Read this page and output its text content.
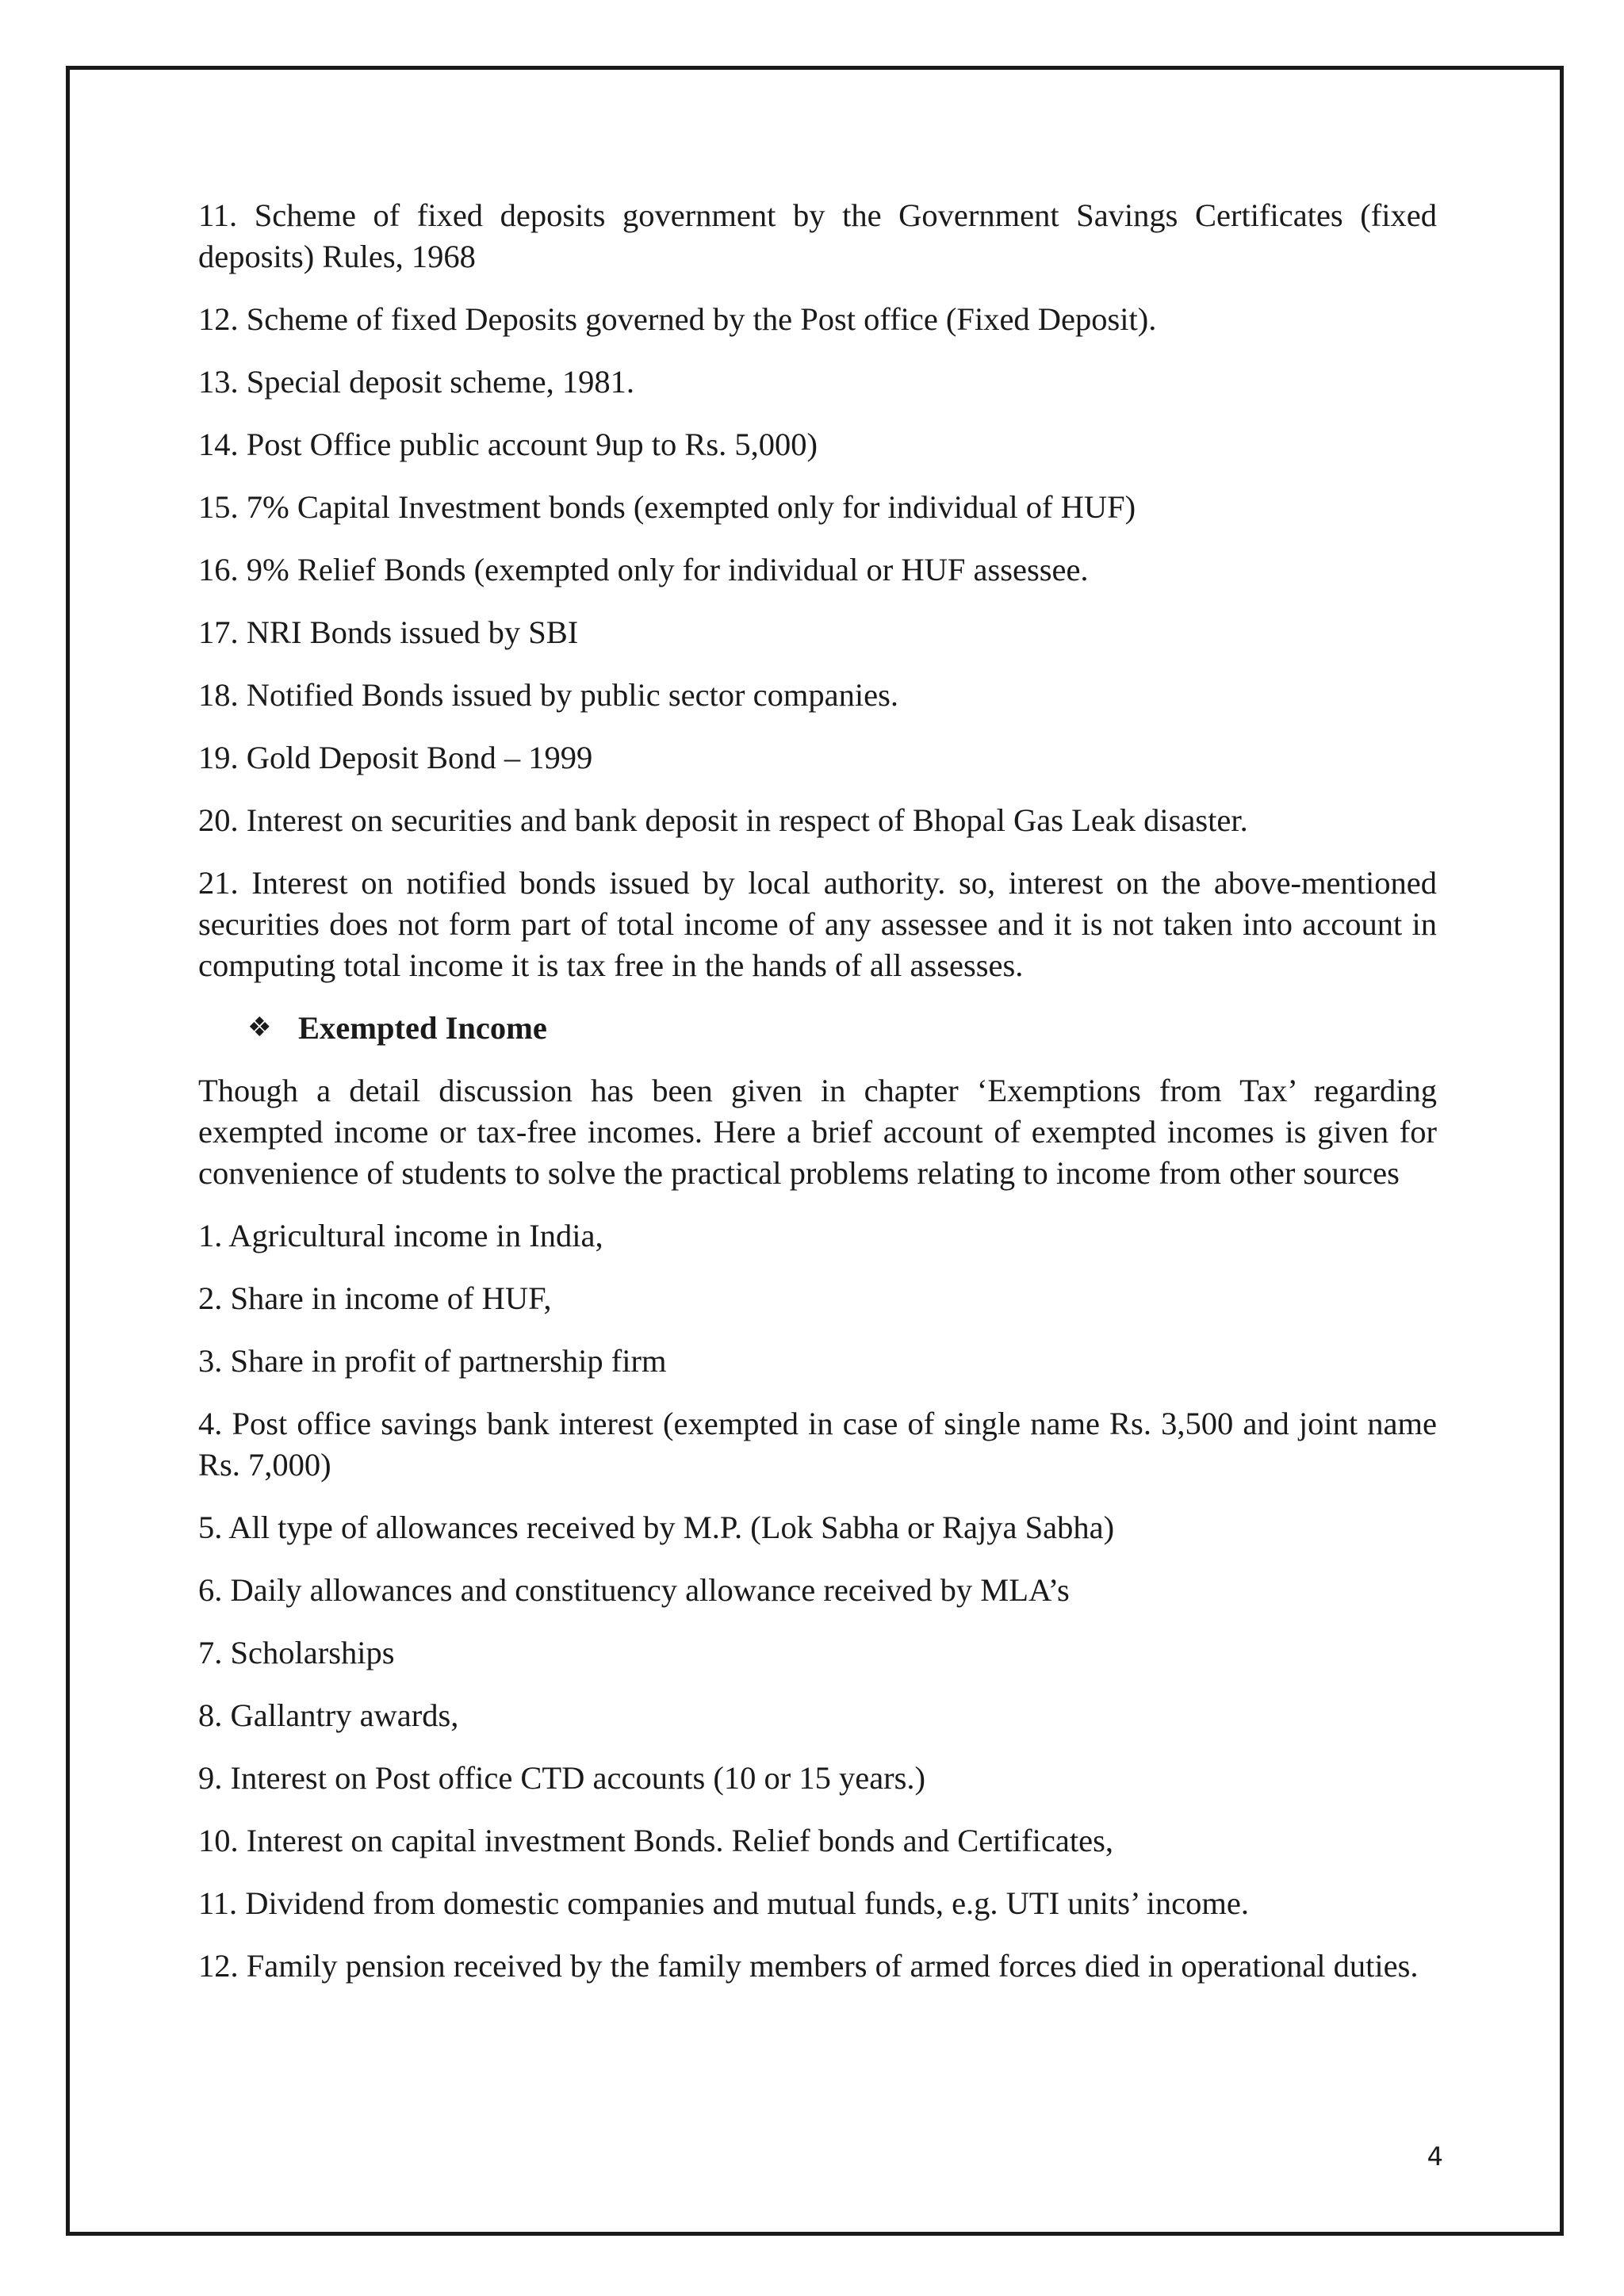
11. Scheme of fixed deposits government by the Government Savings Certificates (fixed deposits) Rules, 1968

12. Scheme of fixed Deposits governed by the Post office (Fixed Deposit).

13. Special deposit scheme, 1981.

14. Post Office public account 9up to Rs. 5,000)

15. 7% Capital Investment bonds (exempted only for individual of HUF)

16. 9% Relief Bonds (exempted only for individual or HUF assessee.

17. NRI Bonds issued by SBI

18. Notified Bonds issued by public sector companies.

19. Gold Deposit Bond – 1999

20. Interest on securities and bank deposit in respect of Bhopal Gas Leak disaster.

21. Interest on notified bonds issued by local authority. so, interest on the above-mentioned securities does not form part of total income of any assessee and it is not taken into account in computing total income it is tax free in the hands of all assesses.

❖ Exempted Income

Though a detail discussion has been given in chapter ‘Exemptions from Tax’ regarding exempted income or tax-free incomes. Here a brief account of exempted incomes is given for convenience of students to solve the practical problems relating to income from other sources

1. Agricultural income in India,

2. Share in income of HUF,

3. Share in profit of partnership firm

4. Post office savings bank interest (exempted in case of single name Rs. 3,500 and joint name Rs. 7,000)

5. All type of allowances received by M.P. (Lok Sabha or Rajya Sabha)

6. Daily allowances and constituency allowance received by MLA’s

7. Scholarships

8. Gallantry awards,

9. Interest on Post office CTD accounts (10 or 15 years.)

10. Interest on capital investment Bonds. Relief bonds and Certificates,

11. Dividend from domestic companies and mutual funds, e.g. UTI units’ income.

12. Family pension received by the family members of armed forces died in operational duties.

4
